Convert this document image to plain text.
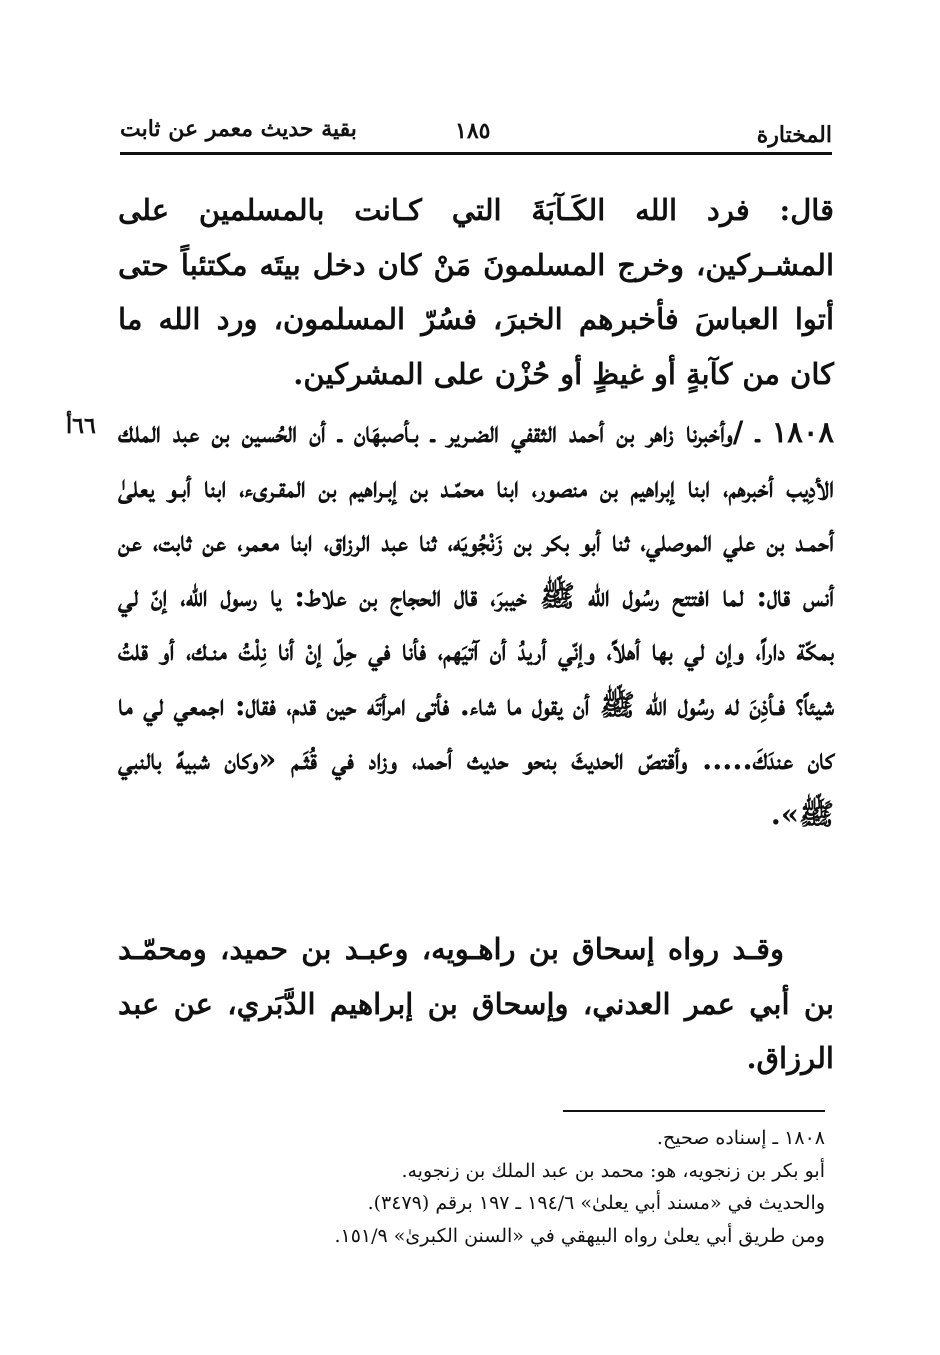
المختارة
١٨٥
بقية حديث معمر عن ثابت
٦٦أ

قال: فرد الله الكَـآبَةَ التي كـانت بالمسلمين على المشـركين، وخرج المسلمونَ مَنْ كان دخل بيتَه مكتئباً حتى أتوا العباسَ فأخبرهم الخبرَ، فسُرّ المسلمون، ورد الله ما كان من كآبةٍ أو غيظٍ أو حُزْن على المشركين.

١٨٠٨ ـ /وأخبرنا زاهر بن أحمد الثقفي الضـرير ـ بـأصبهَان ـ أن الحُسين بن عبد الملك الأدِيب أخبرهم، ابنا إبراهيم بن منصور، ابنا محمّـد بن إبـراهيم بن المقـرىء، ابنا أبـو يعلىٰ أحمـد بن علي الموصلي، ثنا أبو بكر بن زَنْجُويَه، ثنا عبد الرزاق، ابنا معمر، عن ثابت، عن أنس قال: لما افتتح رسُول الله ﷺ خيبرَ، قال الحجاج بن علاط: يا رسول الله، إنّ لي بمكّة داراً، وإن لي بها أهلاً، وإنّي أريدُ أن آتيَهم، فأنا في حِلّ إنْ أنا نِلْتُ منـك، أو قلتُ شيئاً؟ فـأذِنَ له رسُول الله ﷺ أن يقول ما شاء. فأتى امرأتَه حين قدم، فقال: اجمعي لي ما كان عندَكَ..... وأقتصّ الحديثَ بنحو حديث أحمد، وزاد في قُثَـم «وكان شبيهً بالنبي ﷺ».

وقـد رواه إسحاق بن راهـويه، وعبـد بن حميد، ومحمّـد بن أبي عمر العدني، وإسحاق بن إبراهيم الدَّبَري، عن عبد الرزاق.

١٨٠٨ ـ إسناده صحيح.
أبو بكر بن زنجويه، هو: محمد بن عبد الملك بن زنجويه.
والحديث في «مسند أبي يعلىٰ» ١٩٤/٦ ـ ١٩٧ برقم (٣٤٧٩).
ومن طريق أبي يعلىٰ رواه البيهقي في «السنن الكبرىٰ» ١٥١/٩.
